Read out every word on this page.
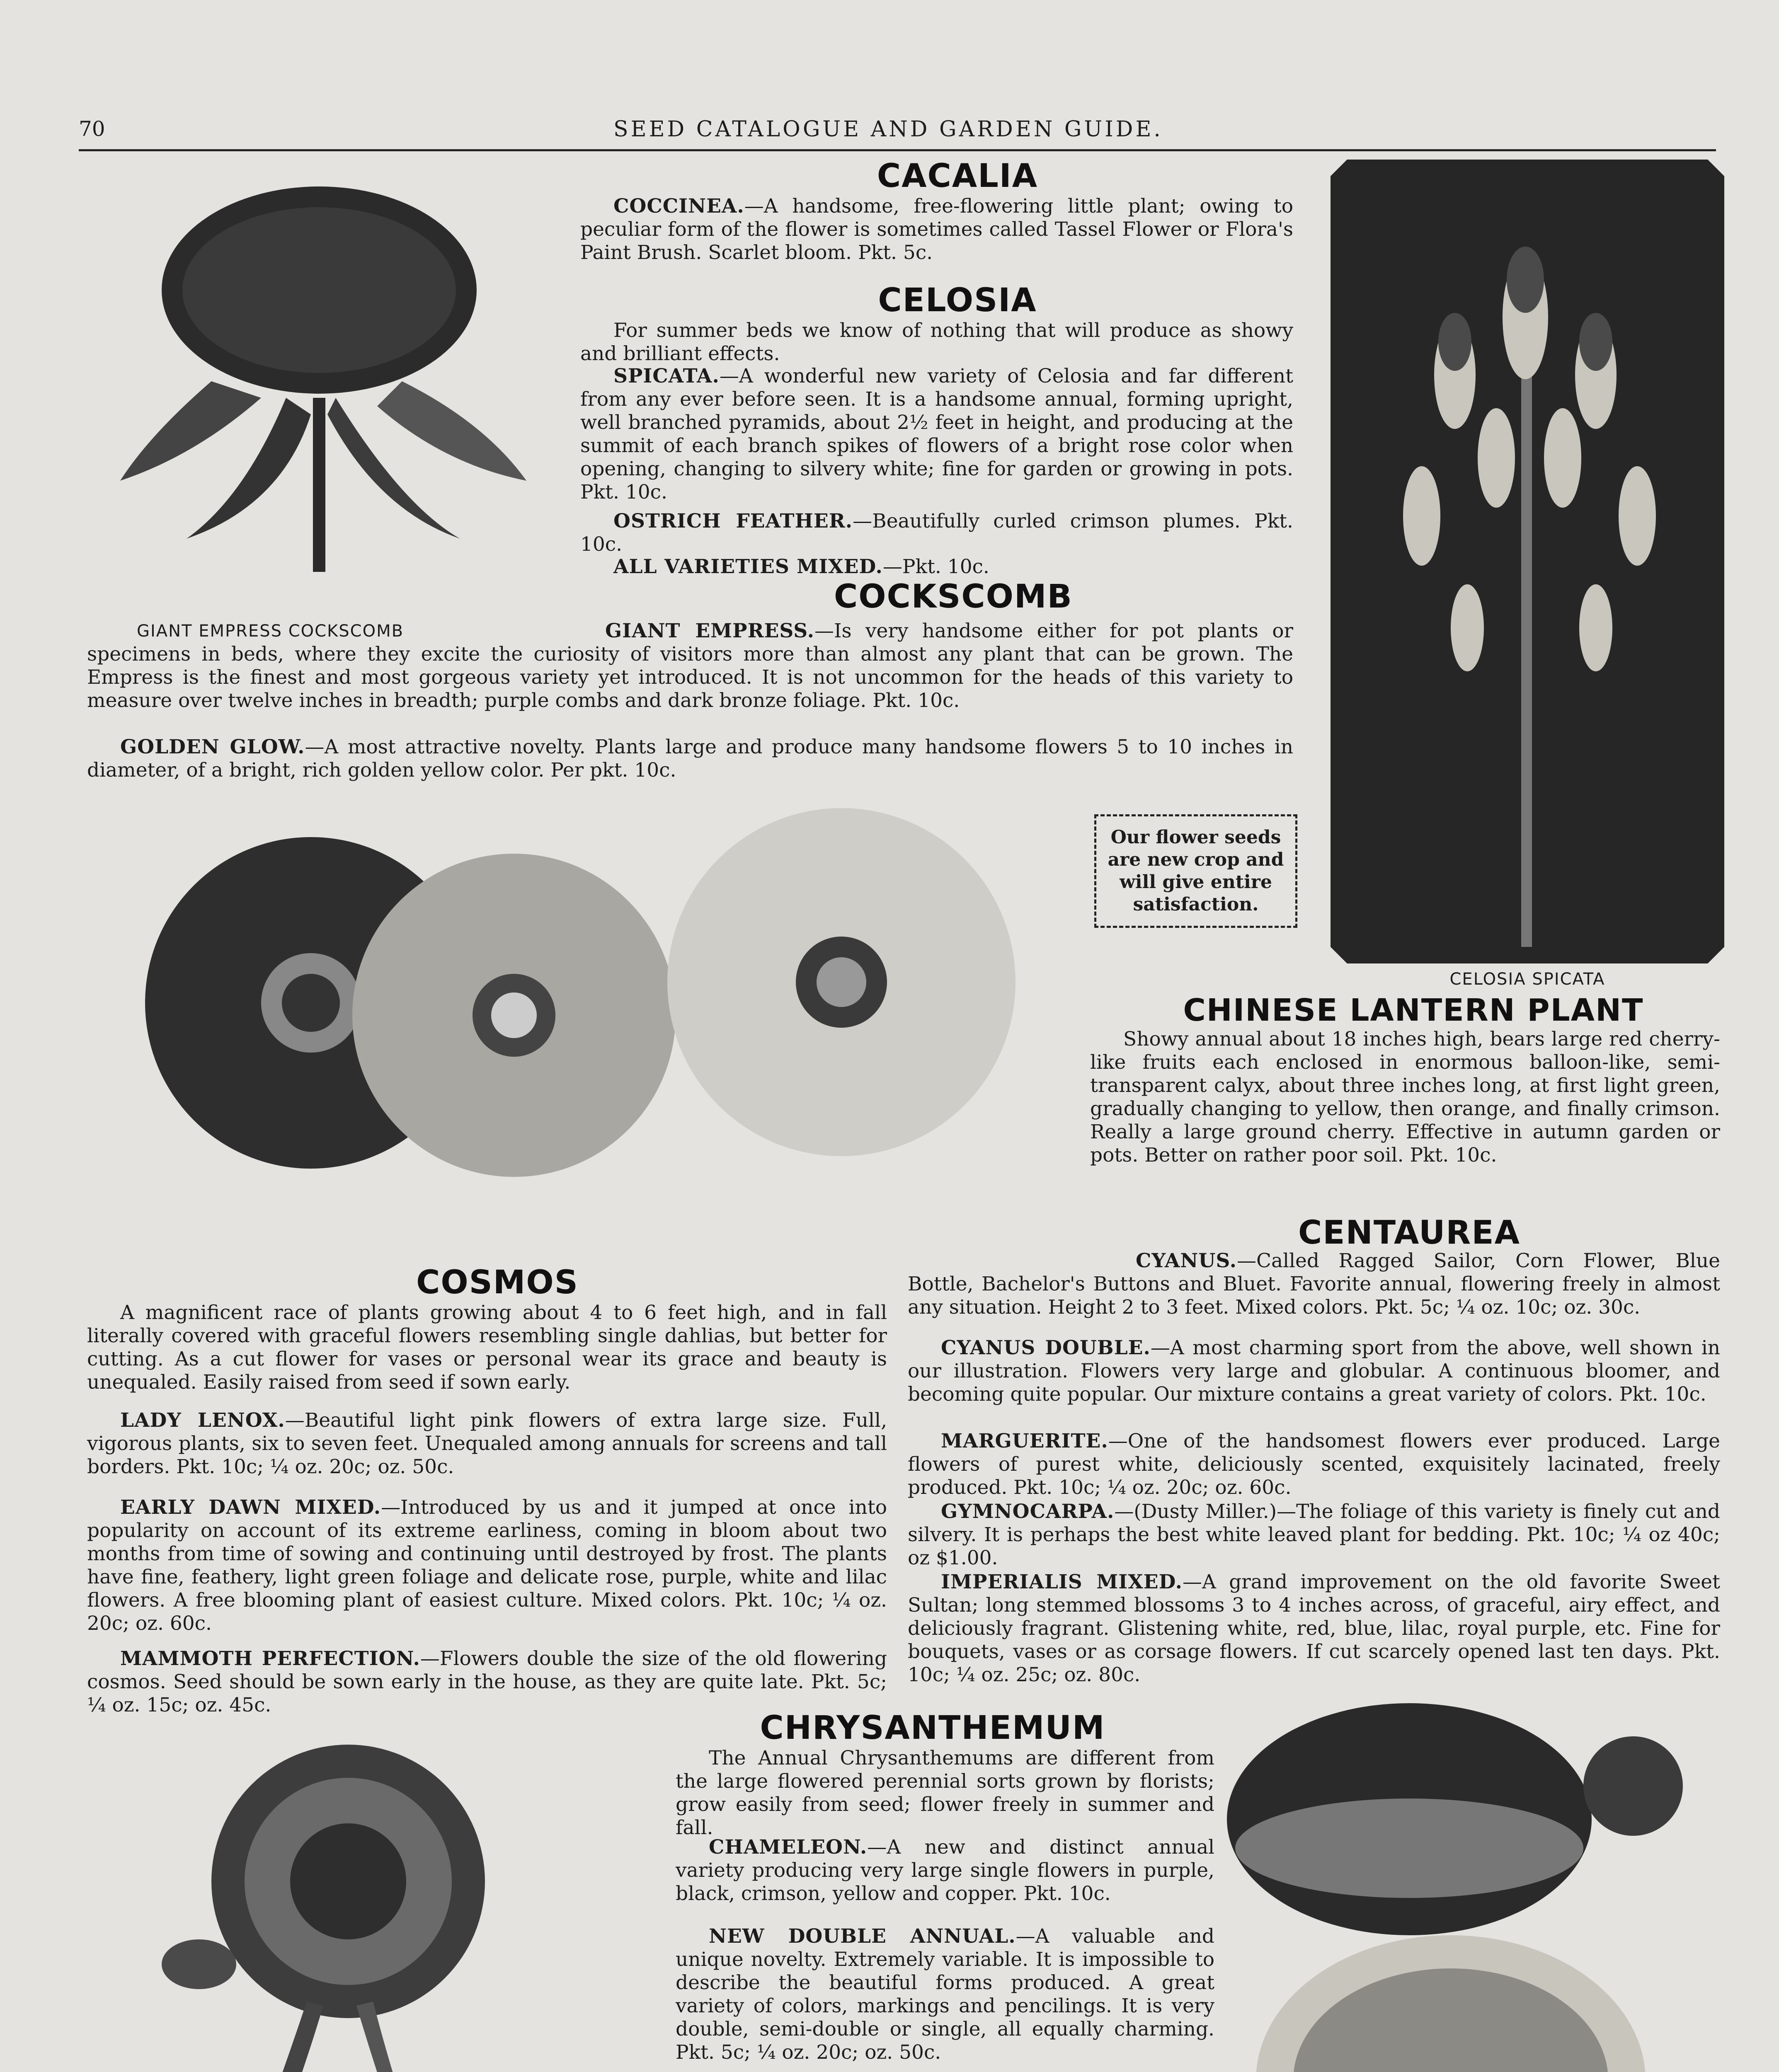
70	SEED CATALOGUE AND GARDEN GUIDE.
GIANT EMPRESS COCKSCOMB
CACALIA

COCCINEA.—A handsome, free-flowering little plant; owing to peculiar form of the flower is sometimes called Tassel Flower or Flora's Paint Brush. Scarlet bloom. Pkt. 5c.

CELOSIA

For summer beds we know of nothing that will produce as showy and brilliant effects.

SPICATA.—A wonderful new variety of Celosia and far different from any ever before seen. It is a handsome annual, forming upright, well branched pyramids, about 2½ feet in height, and producing at the summit of each branch spikes of flowers of a bright rose color when opening, changing to silvery white; fine for garden or growing in pots. Pkt. 10c.

OSTRICH FEATHER.—Beautifully curled crimson plumes. Pkt. 10c.

ALL VARIETIES MIXED.—Pkt. 10c.

COCKSCOMB

GIANT EMPRESS.—Is very handsome either for pot plants or specimens in beds, where they excite the curiosity of visitors more than almost any plant that can be grown. The Empress is the finest and most gorgeous variety yet introduced. It is not uncommon for the heads of this variety to measure over twelve inches in breadth; purple combs and dark bronze foliage. Pkt. 10c.

GOLDEN GLOW.—A most attractive novelty. Plants large and produce many handsome flowers 5 to 10 inches in diameter, of a bright, rich golden yellow color. Per pkt. 10c.

CELOSIA SPICATA
Our flower seeds are new crop and will give entire satisfaction.
CHINESE LANTERN PLANT

Showy annual about 18 inches high, bears large red cherry-like fruits each enclosed in enormous balloon-like, semi-transparent calyx, about three inches long, at first light green, gradually changing to yellow, then orange, and finally crimson. Really a large ground cherry. Effective in autumn garden or pots. Better on rather poor soil. Pkt. 10c.

CENTAUREA

CYANUS.—Called Ragged Sailor, Corn Flower, Blue Bottle, Bachelor's Buttons and Bluet. Favorite annual, flowering freely in almost any situation. Height 2 to 3 feet. Mixed colors. Pkt. 5c; ¼ oz. 10c; oz. 30c.

CYANUS DOUBLE.—A most charming sport from the above, well shown in our illustration. Flowers very large and globular. A continuous bloomer, and becoming quite popular. Our mixture contains a great variety of colors. Pkt. 10c.

MARGUERITE.—One of the handsomest flowers ever produced. Large flowers of purest white, deliciously scented, exquisitely lacinated, freely produced. Pkt. 10c; ¼ oz. 20c; oz. 60c.

GYMNOCARPA.—(Dusty Miller.)—The foliage of this variety is finely cut and silvery. It is perhaps the best white leaved plant for bedding. Pkt. 10c; ¼ oz 40c; oz $1.00.

IMPERIALIS MIXED.—A grand improvement on the old favorite Sweet Sultan; long stemmed blossoms 3 to 4 inches across, of graceful, airy effect, and deliciously fragrant. Glistening white, red, blue, lilac, royal purple, etc. Fine for bouquets, vases or as corsage flowers. If cut scarcely opened last ten days. Pkt. 10c; ¼ oz. 25c; oz. 80c.

COSMOS

A magnificent race of plants growing about 4 to 6 feet high, and in fall literally covered with graceful flowers resembling single dahlias, but better for cutting. As a cut flower for vases or personal wear its grace and beauty is unequaled. Easily raised from seed if sown early.

LADY LENOX.—Beautiful light pink flowers of extra large size. Full, vigorous plants, six to seven feet. Unequaled among annuals for screens and tall borders. Pkt. 10c; ¼ oz. 20c; oz. 50c.

EARLY DAWN MIXED.—Introduced by us and it jumped at once into popularity on account of its extreme earliness, coming in bloom about two months from time of sowing and continuing until destroyed by frost. The plants have fine, feathery, light green foliage and delicate rose, purple, white and lilac flowers. A free blooming plant of easiest culture. Mixed colors. Pkt. 10c; ¼ oz. 20c; oz. 60c.

MAMMOTH PERFECTION.—Flowers double the size of the old flowering cosmos. Seed should be sown early in the house, as they are quite late. Pkt. 5c; ¼ oz. 15c; oz. 45c.

CHRYSANTHEMUM

The Annual Chrysanthemums are different from the large flowered perennial sorts grown by florists; grow easily from seed; flower freely in summer and fall.

CHAMELEON.—A new and distinct annual variety producing very large single flowers in purple, black, crimson, yellow and copper. Pkt. 10c.

NEW DOUBLE ANNUAL.—A valuable and unique novelty. Extremely variable. It is impossible to describe the beautiful forms produced. A great variety of colors, markings and pencilings. It is very double, semi-double or single, all equally charming. Pkt. 5c; ¼ oz. 20c; oz. 50c.
